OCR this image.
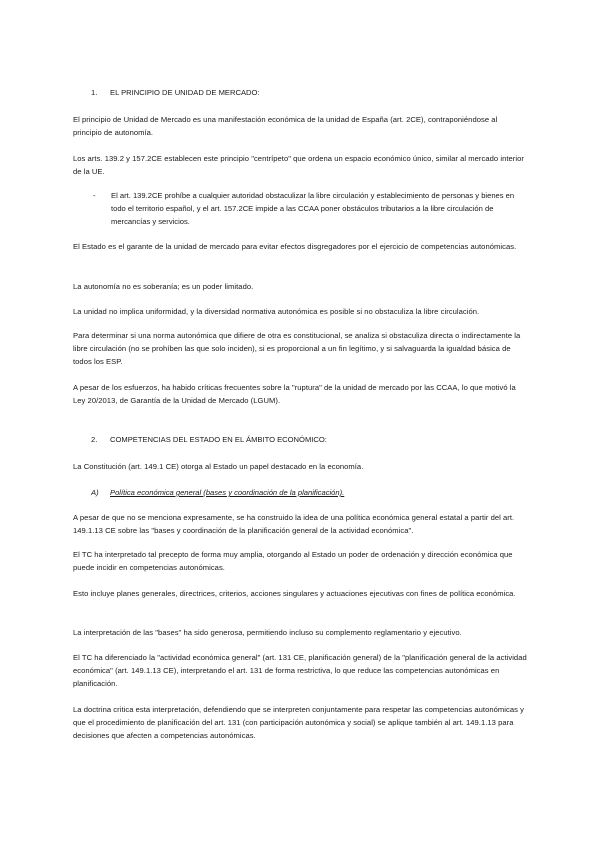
1. EL PRINCIPIO DE UNIDAD DE MERCADO:

El principio de Unidad de Mercado es una manifestación económica de la unidad de España (art. 2CE), contraponiéndose al principio de autonomía.

Los arts. 139.2 y 157.2CE establecen este principio "centrípeto" que ordena un espacio económico único, similar al mercado interior de la UE.

- El art. 139.2CE prohíbe a cualquier autoridad obstaculizar la libre circulación y establecimiento de personas y bienes en todo el territorio español, y el art. 157.2CE impide a las CCAA poner obstáculos tributarios a la libre circulación de mercancías y servicios.

El Estado es el garante de la unidad de mercado para evitar efectos disgregadores por el ejercicio de competencias autonómicas.

La autonomía no es soberanía; es un poder limitado.

La unidad no implica uniformidad, y la diversidad normativa autonómica es posible si no obstaculiza la libre circulación.

Para determinar si una norma autonómica que difiere de otra es constitucional, se analiza si obstaculiza directa o indirectamente la libre circulación (no se prohíben las que solo inciden), si es proporcional a un fin legítimo, y si salvaguarda la igualdad básica de todos los ESP.

A pesar de los esfuerzos, ha habido críticas frecuentes sobre la "ruptura" de la unidad de mercado por las CCAA, lo que motivó la Ley 20/2013, de Garantía de la Unidad de Mercado (LGUM).

2. COMPETENCIAS DEL ESTADO EN EL ÁMBITO ECONÓMICO:

La Constitución (art. 149.1 CE) otorga al Estado un papel destacado en la economía.

A) Política económica general (bases y coordinación de la planificación).

A pesar de que no se menciona expresamente, se ha construido la idea de una política económica general estatal a partir del art. 149.1.13 CE sobre las "bases y coordinación de la planificación general de la actividad económica".

El TC ha interpretado tal precepto de forma muy amplia, otorgando al Estado un poder de ordenación y dirección económica que puede incidir en competencias autonómicas.

Esto incluye planes generales, directrices, criterios, acciones singulares y actuaciones ejecutivas con fines de política económica.

La interpretación de las "bases" ha sido generosa, permitiendo incluso su complemento reglamentario y ejecutivo.

El TC ha diferenciado la "actividad económica general" (art. 131 CE, planificación general) de la "planificación general de la actividad económica" (art. 149.1.13 CE), interpretando el art. 131 de forma restrictiva, lo que reduce las competencias autonómicas en planificación.

La doctrina critica esta interpretación, defendiendo que se interpreten conjuntamente para respetar las competencias autonómicas y que el procedimiento de planificación del art. 131 (con participación autonómica y social) se aplique también al art. 149.1.13 para decisiones que afecten a competencias autonómicas.
